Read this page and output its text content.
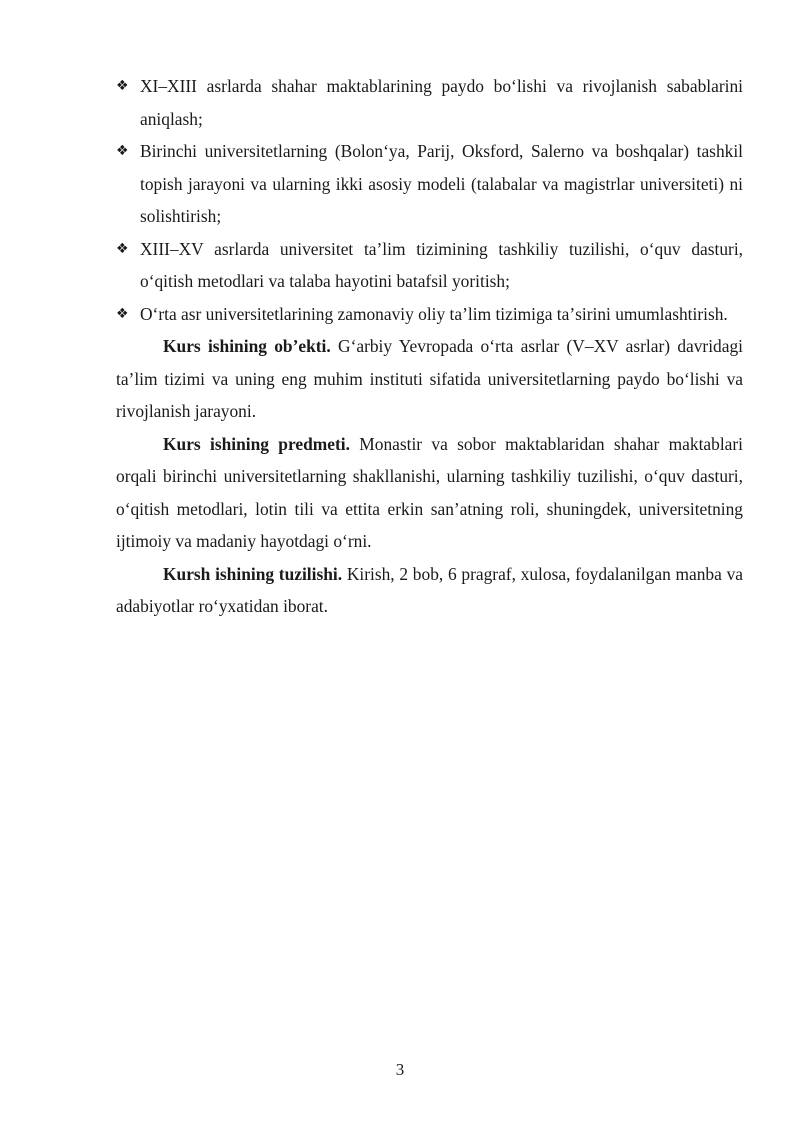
❖ XI–XIII asrlarda shahar maktablarining paydo boʻlishi va rivojlanish sabablarini aniqlash;
❖ Birinchi universitetlarning (Bolonʻya, Parij, Oksford, Salerno va boshqalar) tashkil topish jarayoni va ularning ikki asosiy modeli (talabalar va magistrlar universiteti) ni solishtirish;
❖ XIII–XV asrlarda universitet taʼlim tizimining tashkiliy tuzilishi, oʻquv dasturi, oʻqitish metodlari va talaba hayotini batafsil yoritish;
❖ Oʻrta asr universitetlarining zamonaviy oliy taʼlim tizimiga taʼsirini umumlashtirish.

Kurs ishining obʼekti. Gʻarbiy Yevropada oʻrta asrlar (V–XV asrlar) davridagi taʼlim tizimi va uning eng muhim instituti sifatida universitetlarning paydo boʻlishi va rivojlanish jarayoni.

Kurs ishining predmeti. Monastir va sobor maktablaridan shahar maktablari orqali birinchi universitetlarning shakllanishi, ularning tashkiliy tuzilishi, oʻquv dasturi, oʻqitish metodlari, lotin tili va ettita erkin sanʼatning roli, shuningdek, universitetning ijtimoiy va madaniy hayotdagi oʻrni.

Kursh ishining tuzilishi. Kirish, 2 bob, 6 pragraf, xulosa, foydalanilgan manba va adabiyotlar roʻyxatidan iborat.

3
